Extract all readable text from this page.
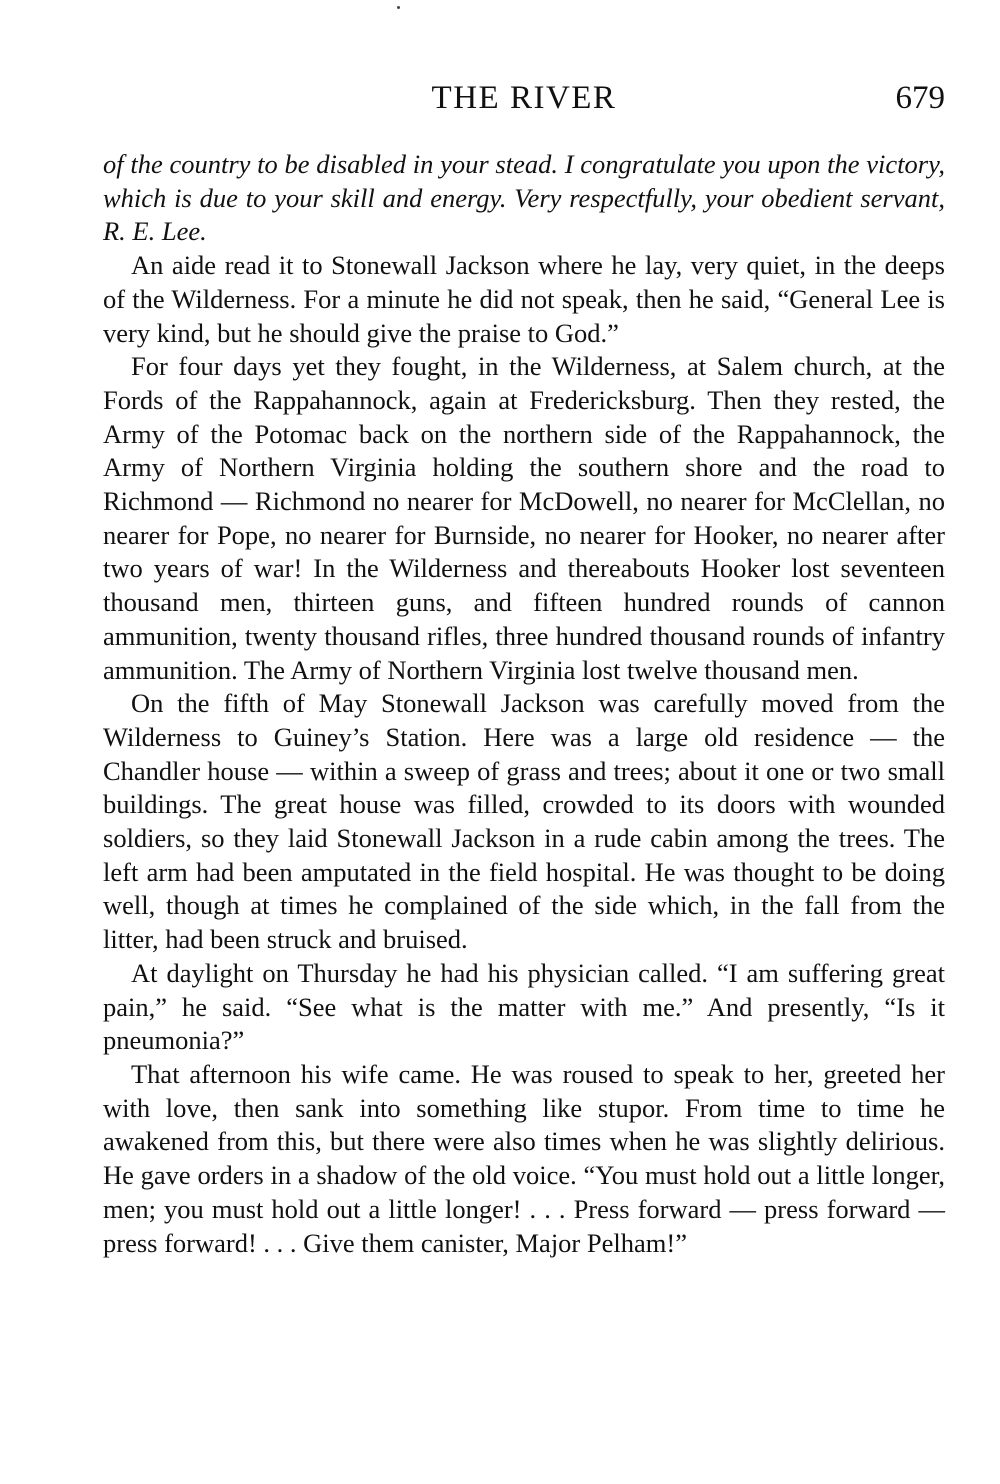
THE RIVER	679

of the country to be disabled in your stead. I congratulate you upon the victory, which is due to your skill and energy. Very respectfully, your obedient servant, R. E. Lee.

An aide read it to Stonewall Jackson where he lay, very quiet, in the deeps of the Wilderness. For a minute he did not speak, then he said, “General Lee is very kind, but he should give the praise to God.”

For four days yet they fought, in the Wilderness, at Salem church, at the Fords of the Rappahannock, again at Fredericksburg. Then they rested, the Army of the Potomac back on the northern side of the Rappahannock, the Army of Northern Virginia holding the southern shore and the road to Richmond — Richmond no nearer for McDowell, no nearer for McClellan, no nearer for Pope, no nearer for Burnside, no nearer for Hooker, no nearer after two years of war! In the Wilderness and thereabouts Hooker lost seventeen thousand men, thirteen guns, and fifteen hundred rounds of cannon ammunition, twenty thousand rifles, three hundred thousand rounds of infantry ammunition. The Army of Northern Virginia lost twelve thousand men.

On the fifth of May Stonewall Jackson was carefully moved from the Wilderness to Guiney’s Station. Here was a large old residence — the Chandler house — within a sweep of grass and trees; about it one or two small buildings. The great house was filled, crowded to its doors with wounded soldiers, so they laid Stonewall Jackson in a rude cabin among the trees. The left arm had been amputated in the field hospital. He was thought to be doing well, though at times he complained of the side which, in the fall from the litter, had been struck and bruised.

At daylight on Thursday he had his physician called. “I am suffering great pain,” he said. “See what is the matter with me.” And presently, “Is it pneumonia?”

That afternoon his wife came. He was roused to speak to her, greeted her with love, then sank into something like stupor. From time to time he awakened from this, but there were also times when he was slightly delirious. He gave orders in a shadow of the old voice. “You must hold out a little longer, men; you must hold out a little longer! . . . Press forward — press forward — press forward! . . . Give them canister, Major Pelham!”
